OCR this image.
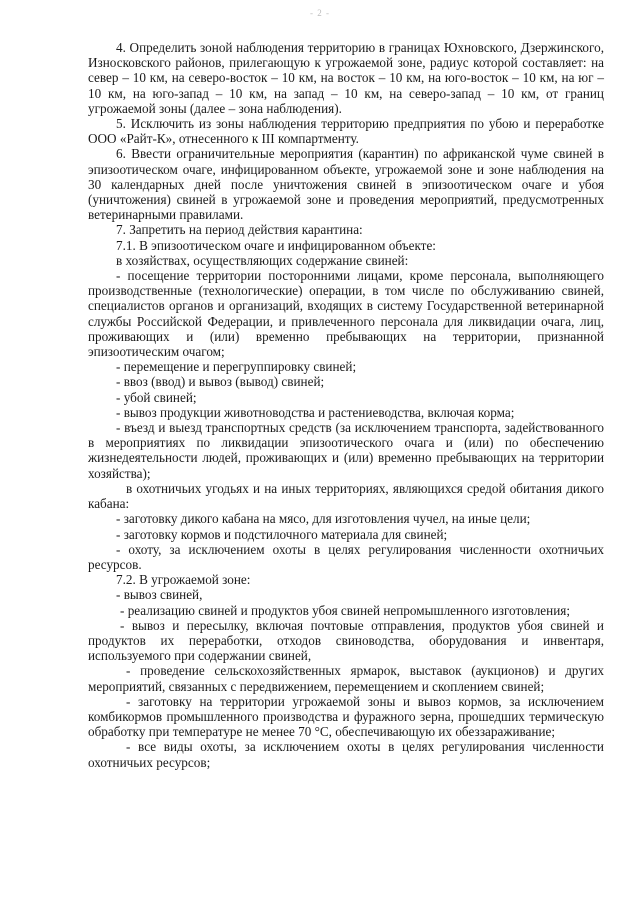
- 2 -

4. Определить зоной наблюдения территорию в границах Юхновского, Дзержинского, Износковского районов, прилегающую к угрожаемой зоне, радиус которой составляет: на север – 10 км, на северо-восток – 10 км, на восток – 10 км, на юго-восток – 10 км, на юг – 10 км, на юго-запад – 10 км, на запад – 10 км, на северо-запад – 10 км, от границ угрожаемой зоны (далее – зона наблюдения).

5. Исключить из зоны наблюдения территорию предприятия по убою и переработке ООО «Райт-К», отнесенного к III компартменту.

6. Ввести ограничительные мероприятия (карантин) по африканской чуме свиней в эпизоотическом очаге, инфицированном объекте, угрожаемой зоне и зоне наблюдения на 30 календарных дней после уничтожения свиней в эпизоотическом очаге и убоя (уничтожения) свиней в угрожаемой зоне и проведения мероприятий, предусмотренных ветеринарными правилами.

7. Запретить на период действия карантина:

7.1. В эпизоотическом очаге и инфицированном объекте:

в хозяйствах, осуществляющих содержание свиней:

- посещение территории посторонними лицами, кроме персонала, выполняющего производственные (технологические) операции, в том числе по обслуживанию свиней, специалистов органов и организаций, входящих в систему Государственной ветеринарной службы Российской Федерации, и привлеченного персонала для ликвидации очага, лиц, проживающих и (или) временно пребывающих на территории, признанной эпизоотическим очагом;

- перемещение и перегруппировку свиней;

- ввоз (ввод) и вывоз (вывод) свиней;

- убой свиней;

- вывоз продукции животноводства и растениеводства, включая корма;

- въезд и выезд транспортных средств (за исключением транспорта, задействованного в мероприятиях по ликвидации эпизоотического очага и (или) по обеспечению жизнедеятельности людей, проживающих и (или) временно пребывающих на территории хозяйства);

в охотничьих угодьях и на иных территориях, являющихся средой обитания дикого кабана:

- заготовку дикого кабана на мясо, для изготовления чучел, на иные цели;

- заготовку кормов и подстилочного материала для свиней;

- охоту, за исключением охоты в целях регулирования численности охотничьих ресурсов.

7.2. В угрожаемой зоне:

- вывоз свиней,

- реализацию свиней и продуктов убоя свиней непромышленного изготовления;

- вывоз и пересылку, включая почтовые отправления, продуктов убоя свиней и продуктов их переработки, отходов свиноводства, оборудования и инвентаря, используемого при содержании свиней,

- проведение сельскохозяйственных ярмарок, выставок (аукционов) и других мероприятий, связанных с передвижением, перемещением и скоплением свиней;

- заготовку на территории угрожаемой зоны и вывоз кормов, за исключением комбикормов промышленного производства и фуражного зерна, прошедших термическую обработку при температуре не менее 70 °С, обеспечивающую их обеззараживание;

- все виды охоты, за исключением охоты в целях регулирования численности охотничьих ресурсов;
